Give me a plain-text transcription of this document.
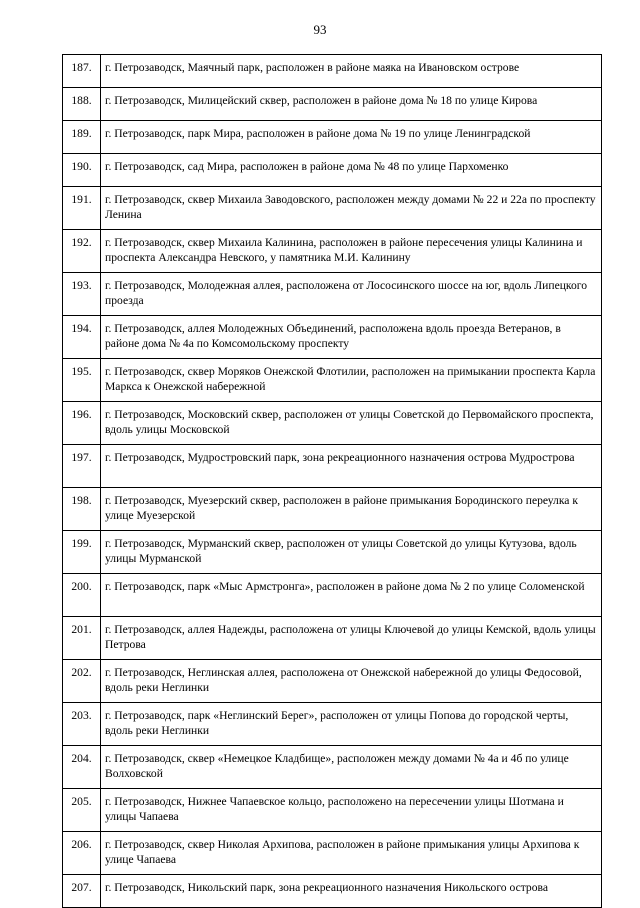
93
187.	г. Петрозаводск, Маячный парк, расположен в районе маяка на Ивановском острове
188.	г. Петрозаводск, Милицейский сквер, расположен в районе дома № 18 по улице Кирова
189.	г. Петрозаводск, парк Мира, расположен в районе дома № 19 по улице Ленинградской
190.	г. Петрозаводск, сад Мира, расположен в районе дома № 48 по улице Пархоменко
191.	г. Петрозаводск, сквер Михаила Заводовского, расположен между домами № 22 и 22а по проспекту Ленина
192.	г. Петрозаводск, сквер Михаила Калинина, расположен в районе пересечения улицы Калинина и проспекта Александра Невского, у памятника М.И. Калинину
193.	г. Петрозаводск, Молодежная аллея, расположена от Лососинского шоссе на юг, вдоль Липецкого проезда
194.	г. Петрозаводск, аллея Молодежных Объединений, расположена вдоль проезда Ветеранов, в районе дома № 4а по Комсомольскому проспекту
195.	г. Петрозаводск, сквер Моряков Онежской Флотилии, расположен на примыкании проспекта Карла Маркса к Онежской набережной
196.	г. Петрозаводск, Московский сквер, расположен от улицы Советской до Первомайского проспекта, вдоль улицы Московской
197.	г. Петрозаводск, Мудростровский парк, зона рекреационного назначения острова Мудрострова
198.	г. Петрозаводск, Муезерский сквер, расположен в районе примыкания Бородинского переулка к улице Муезерской
199.	г. Петрозаводск, Мурманский сквер, расположен от улицы Советской до улицы Кутузова, вдоль улицы Мурманской
200.	г. Петрозаводск, парк «Мыс Армстронга», расположен в районе дома № 2 по улице Соломенской
201.	г. Петрозаводск, аллея Надежды, расположена от улицы Ключевой до улицы Кемской, вдоль улицы Петрова
202.	г. Петрозаводск, Неглинская аллея, расположена от Онежской набережной до улицы Федосовой, вдоль реки Неглинки
203.	г. Петрозаводск, парк «Неглинский Берег», расположен от улицы Попова до городской черты, вдоль реки Неглинки
204.	г. Петрозаводск, сквер «Немецкое Кладбище», расположен между домами № 4а и 4б по улице Волховской
205.	г. Петрозаводск, Нижнее Чапаевское кольцо, расположено на пересечении улицы Шотмана и улицы Чапаева
206.	г. Петрозаводск, сквер Николая Архипова, расположен в районе примыкания улицы Архипова к улице Чапаева
207.	г. Петрозаводск, Никольский парк, зона рекреационного назначения Никольского острова
